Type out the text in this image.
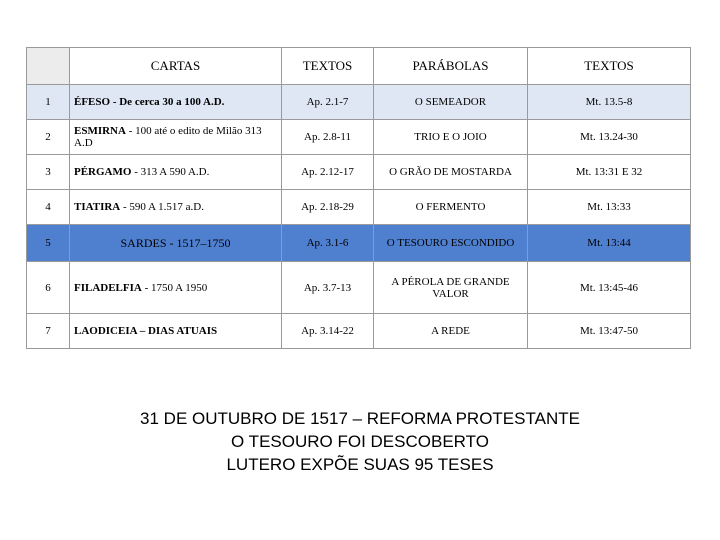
	CARTAS	TEXTOS	PARÁBOLAS	TEXTOS
1	ÉFESO - De cerca 30 a 100 A.D.	Ap. 2.1-7	O SEMEADOR	Mt. 13.5-8
2	ESMIRNA - 100 até o edito de Milão 313 A.D	Ap. 2.8-11	TRIO E O JOIO	Mt. 13.24-30
3	PÉRGAMO - 313 A 590 A.D.	Ap. 2.12-17	O GRÃO DE MOSTARDA	Mt. 13:31 E 32
4	TIATIRA - 590 A 1.517 a.D.	Ap. 2.18-29	O FERMENTO	Mt. 13:33
5	SARDES - 1517–1750	Ap. 3.1-6	O TESOURO ESCONDIDO	Mt. 13:44
6	FILADELFIA - 1750 A 1950	Ap. 3.7-13	A PÉROLA DE GRANDE VALOR	Mt. 13:45-46
7	LAODICEIA – DIAS ATUAIS	Ap. 3.14-22	A REDE	Mt. 13:47-50
31 DE OUTUBRO DE 1517 – REFORMA PROTESTANTE
O TESOURO FOI DESCOBERTO
LUTERO EXPÕE SUAS 95 TESES
